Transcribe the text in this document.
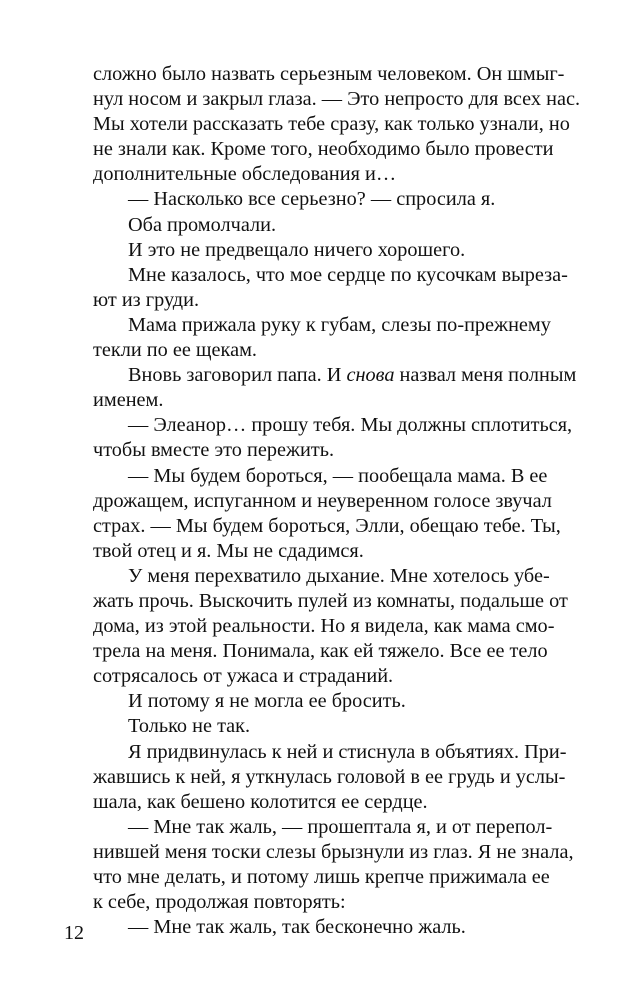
сложно было назвать серьезным человеком. Он шмыг-
нул носом и закрыл глаза. — Это непросто для всех нас.
Мы хотели рассказать тебе сразу, как только узнали, но
не знали как. Кроме того, необходимо было провести
дополнительные обследования и…
— Насколько все серьезно? — спросила я.
Оба промолчали.
И это не предвещало ничего хорошего.
Мне казалось, что мое сердце по кусочкам выреза-
ют из груди.
Мама прижала руку к губам, слезы по-прежнему
текли по ее щекам.
Вновь заговорил папа. И снова назвал меня полным
именем.
— Элеанор… прошу тебя. Мы должны сплотиться,
чтобы вместе это пережить.
— Мы будем бороться, — пообещала мама. В ее
дрожащем, испуганном и неуверенном голосе звучал
страх. — Мы будем бороться, Элли, обещаю тебе. Ты,
твой отец и я. Мы не сдадимся.
У меня перехватило дыхание. Мне хотелось убе-
жать прочь. Выскочить пулей из комнаты, подальше от
дома, из этой реальности. Но я видела, как мама смо-
трела на меня. Понимала, как ей тяжело. Все ее тело
сотрясалось от ужаса и страданий.
И потому я не могла ее бросить.
Только не так.
Я придвинулась к ней и стиснула в объятиях. При-
жавшись к ней, я уткнулась головой в ее грудь и услы-
шала, как бешено колотится ее сердце.
— Мне так жаль, — прошептала я, и от перепол-
нившей меня тоски слезы брызнули из глаз. Я не знала,
что мне делать, и потому лишь крепче прижимала ее
к себе, продолжая повторять:
— Мне так жаль, так бесконечно жаль.
12
